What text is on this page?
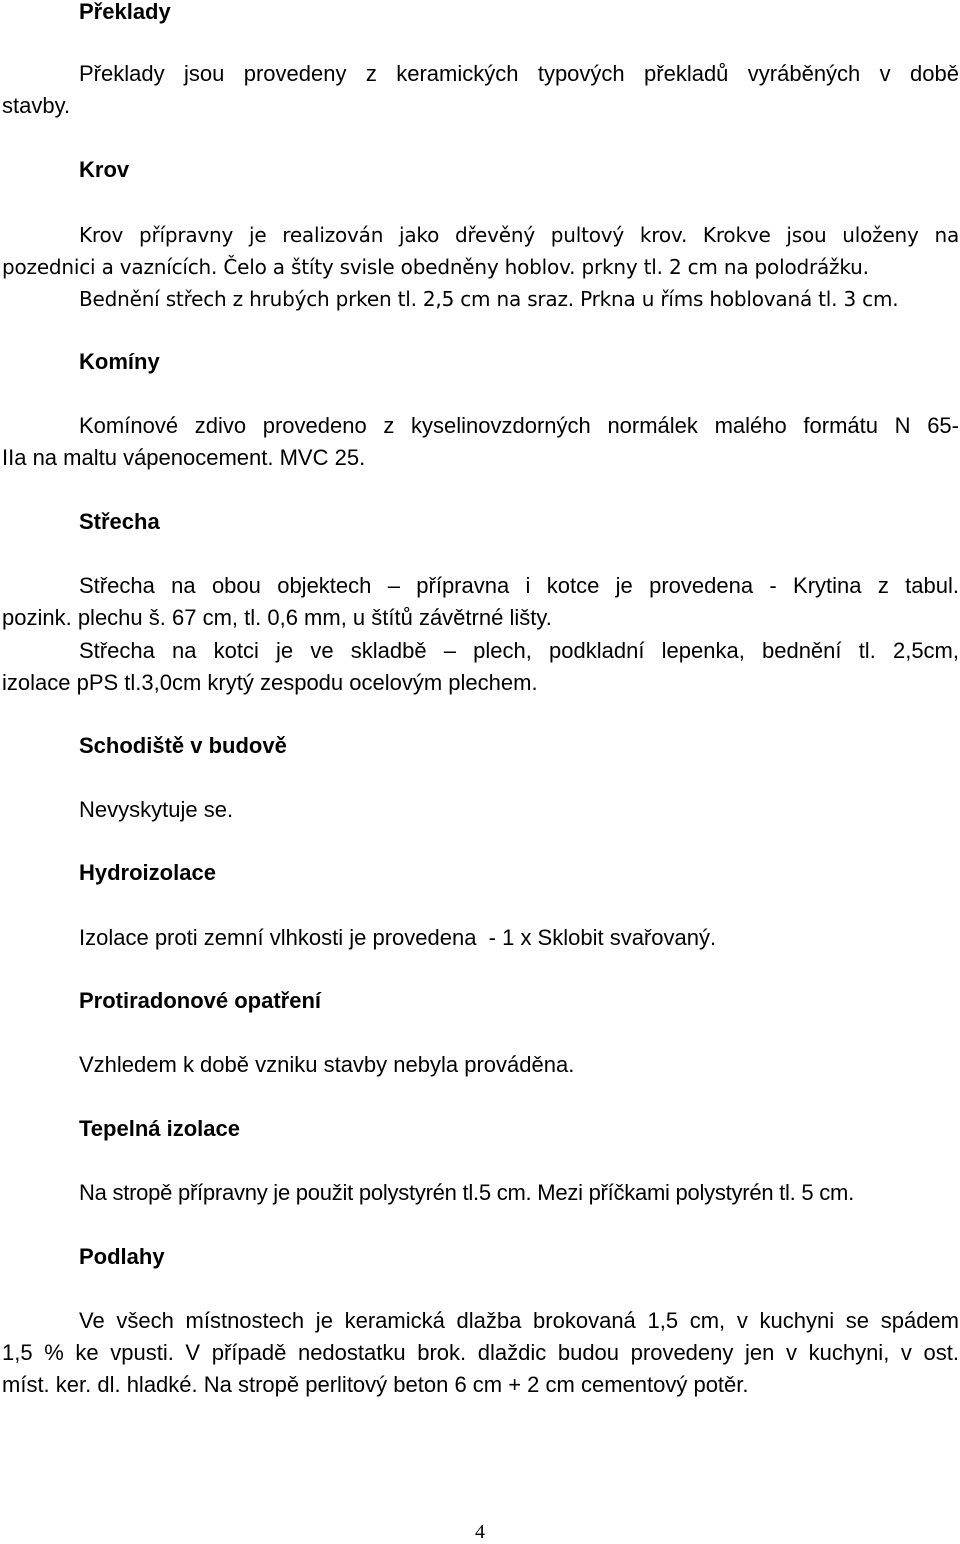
Překlady
Překlady jsou provedeny z keramických typových překladů vyráběných v době
stavby.
Krov
Krov přípravny je realizován jako dřevěný pultový krov. Krokve jsou uloženy na
pozednici a vaznících. Čelo a štíty svisle obedněny hoblov. prkny tl. 2 cm na polodrážku.
Bednění střech z hrubých prken tl. 2,5 cm na sraz. Prkna u říms hoblovaná tl. 3 cm.
Komíny
Komínové zdivo provedeno z kyselinovzdorných normálek malého formátu N 65-
IIa na maltu vápenocement. MVC 25.
Střecha
Střecha na obou objektech – přípravna i kotce je provedena - Krytina z tabul.
pozink. plechu š. 67 cm, tl. 0,6 mm, u štítů závětrné lišty.
Střecha na kotci je ve skladbě – plech, podkladní lepenka, bednění tl. 2,5cm,
izolace pPS tl.3,0cm krytý zespodu ocelovým plechem.
Schodiště v budově
Nevyskytuje se.
Hydroizolace
Izolace proti zemní vlhkosti je provedena  - 1 x Sklobit svařovaný.
Protiradonové opatření
Vzhledem k době vzniku stavby nebyla prováděna.
Tepelná izolace
Na stropě přípravny je použit polystyrén tl.5 cm. Mezi příčkami polystyrén tl. 5 cm.
Podlahy
Ve všech místnostech je keramická dlažba brokovaná 1,5 cm, v kuchyni se spádem
1,5 % ke vpusti. V případě nedostatku brok. dlaždic budou provedeny jen v kuchyni, v ost.
míst. ker. dl. hladké. Na stropě perlitový beton 6 cm + 2 cm cementový potěr.
4
